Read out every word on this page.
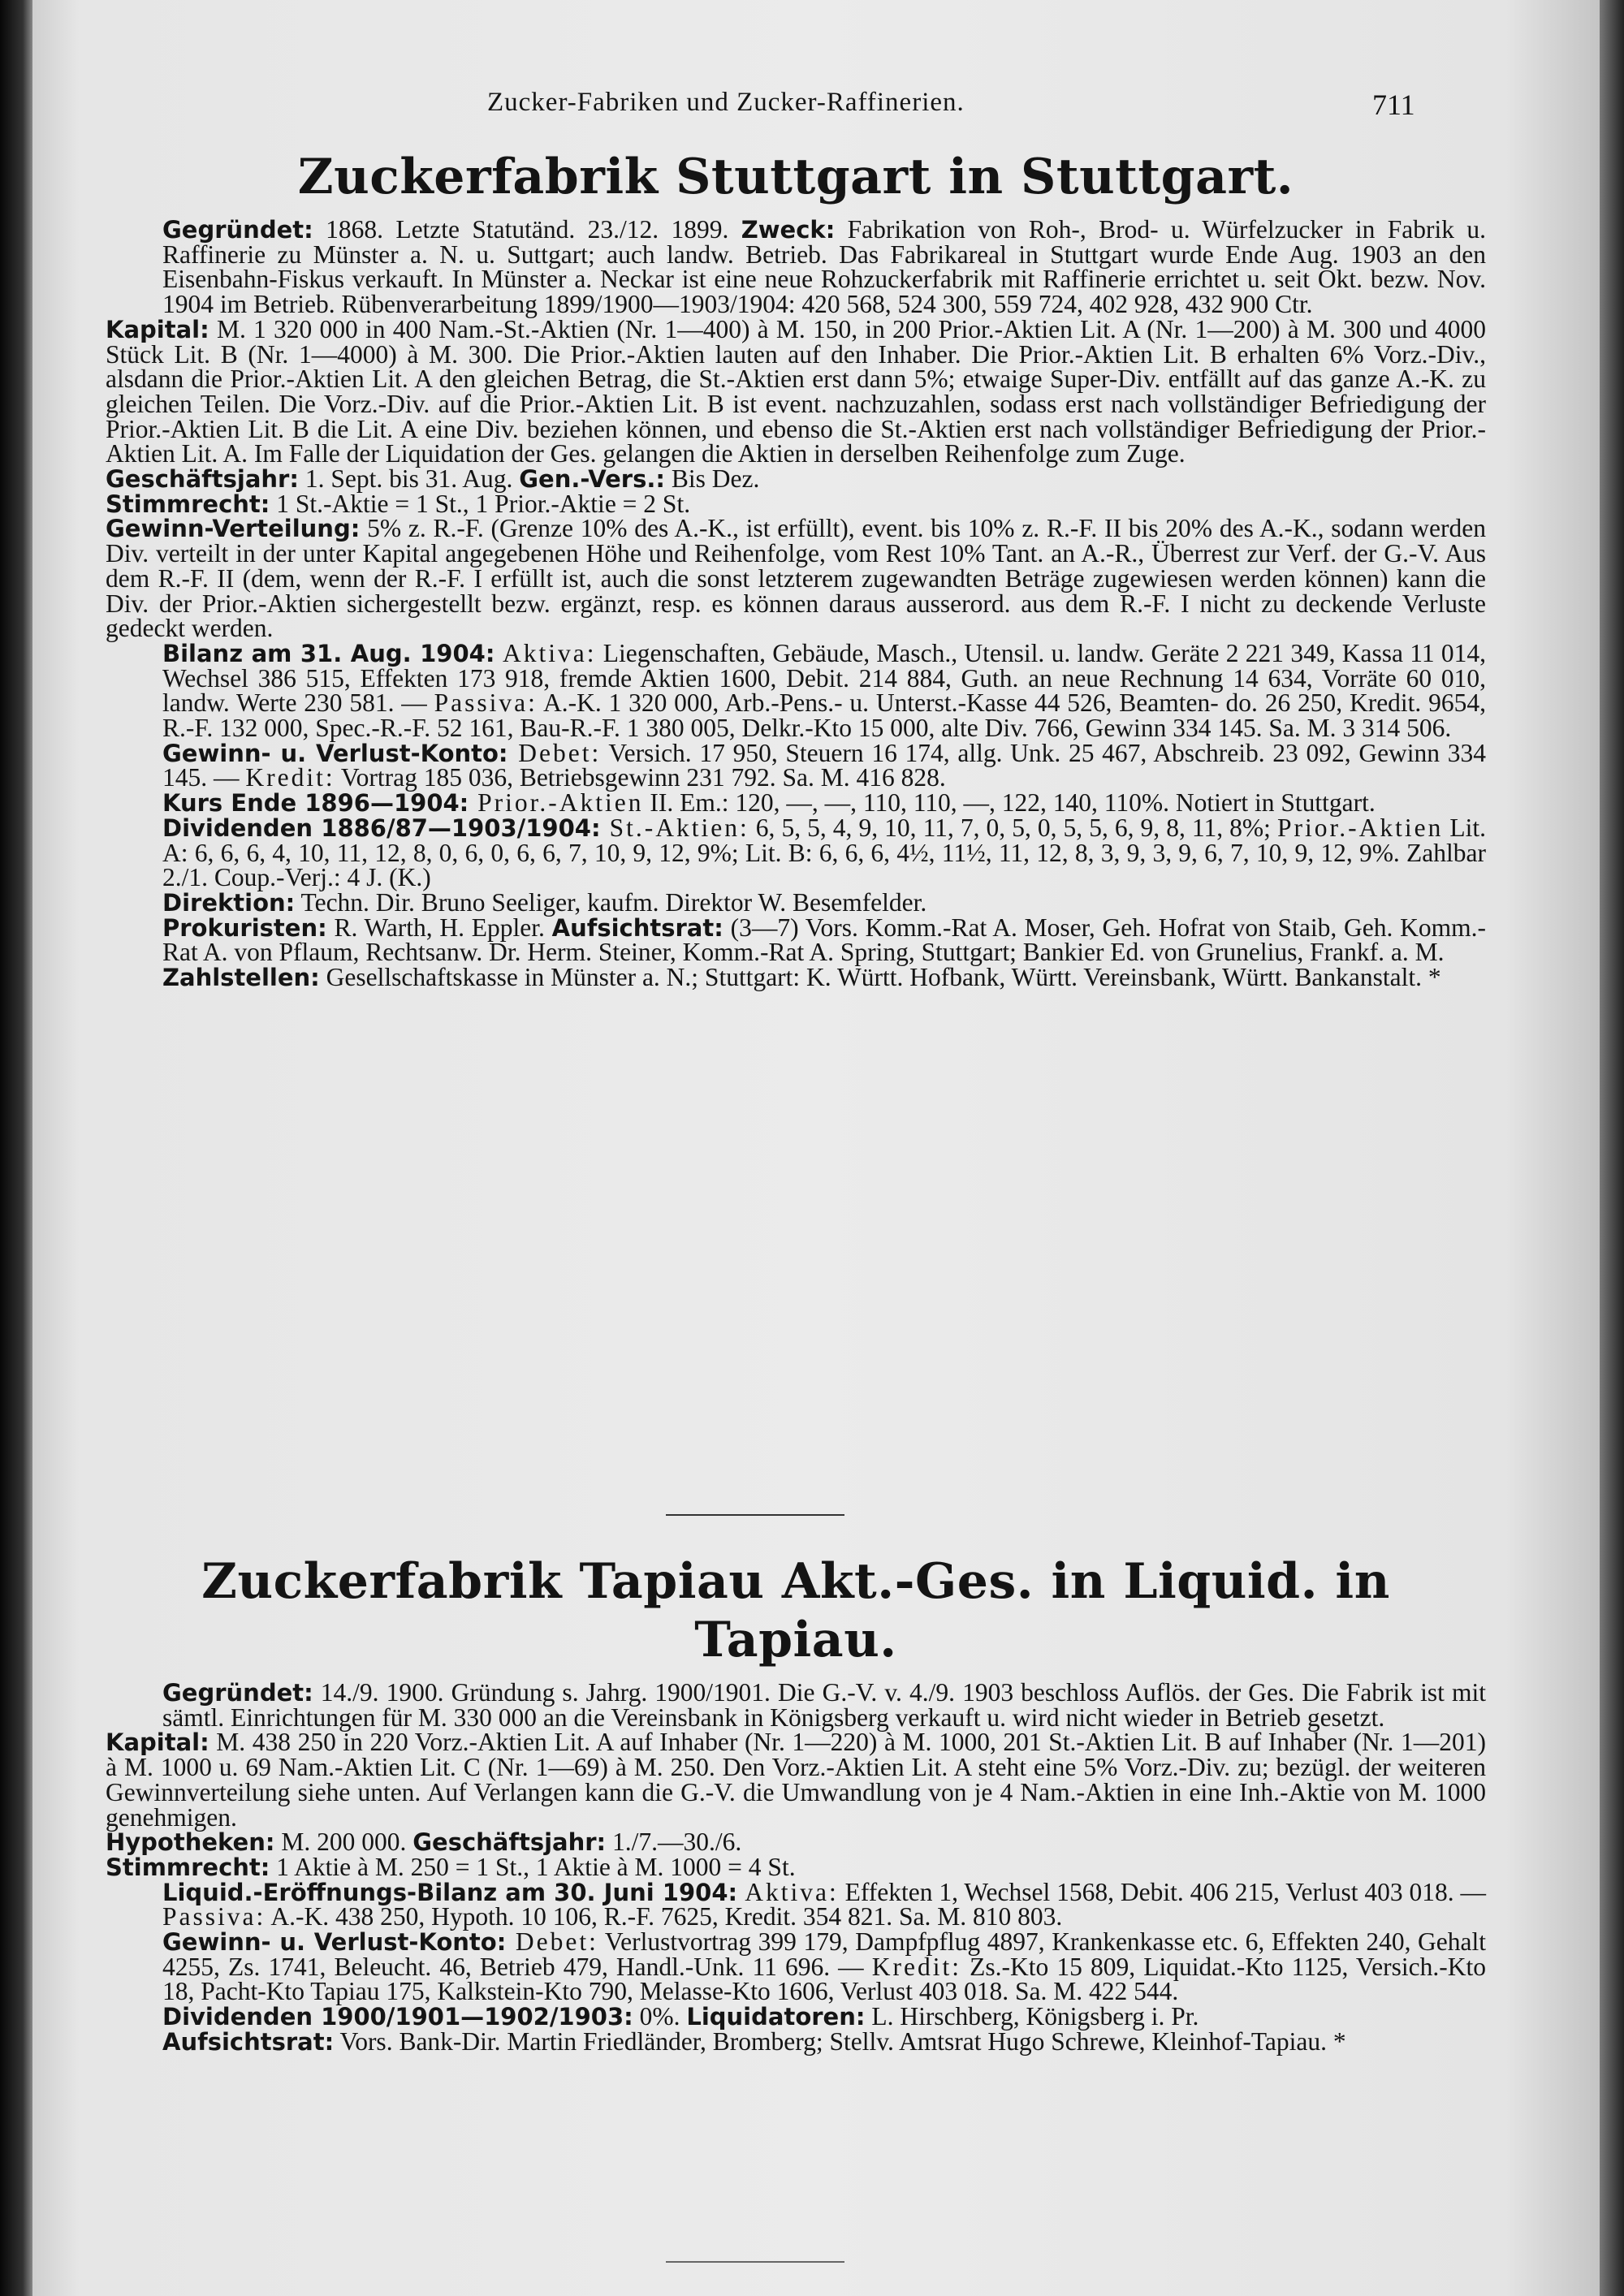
Zucker-Fabriken und Zucker-Raffinerien.	711
Zuckerfabrik Stuttgart in Stuttgart.

Gegründet: 1868. Letzte Statutänd. 23./12. 1899. Zweck: Fabrikation von Roh-, Brod- u. Würfelzucker in Fabrik u. Raffinerie zu Münster a. N. u. Suttgart; auch landw. Betrieb. Das Fabrikareal in Stuttgart wurde Ende Aug. 1903 an den Eisenbahn-Fiskus verkauft. In Münster a. Neckar ist eine neue Rohzuckerfabrik mit Raffinerie errichtet u. seit Okt. bezw. Nov. 1904 im Betrieb. Rübenverarbeitung 1899/1900—1903/1904: 420 568, 524 300, 559 724, 402 928, 432 900 Ctr.

Kapital: M. 1 320 000 in 400 Nam.-St.-Aktien (Nr. 1—400) à M. 150, in 200 Prior.-Aktien Lit. A (Nr. 1—200) à M. 300 und 4000 Stück Lit. B (Nr. 1—4000) à M. 300. Die Prior.-Aktien lauten auf den Inhaber. Die Prior.-Aktien Lit. B erhalten 6% Vorz.-Div., alsdann die Prior.-Aktien Lit. A den gleichen Betrag, die St.-Aktien erst dann 5%; etwaige Super-Div. entfällt auf das ganze A.-K. zu gleichen Teilen. Die Vorz.-Div. auf die Prior.-Aktien Lit. B ist event. nachzuzahlen, sodass erst nach vollständiger Befriedigung der Prior.-Aktien Lit. B die Lit. A eine Div. beziehen können, und ebenso die St.-Aktien erst nach vollständiger Befriedigung der Prior.-Aktien Lit. A. Im Falle der Liquidation der Ges. gelangen die Aktien in derselben Reihenfolge zum Zuge.

Geschäftsjahr: 1. Sept. bis 31. Aug. Gen.-Vers.: Bis Dez.

Stimmrecht: 1 St.-Aktie = 1 St., 1 Prior.-Aktie = 2 St.

Gewinn-Verteilung: 5% z. R.-F. (Grenze 10% des A.-K., ist erfüllt), event. bis 10% z. R.-F. II bis 20% des A.-K., sodann werden Div. verteilt in der unter Kapital angegebenen Höhe und Reihenfolge, vom Rest 10% Tant. an A.-R., Überrest zur Verf. der G.-V. Aus dem R.-F. II (dem, wenn der R.-F. I erfüllt ist, auch die sonst letzterem zugewandten Beträge zugewiesen werden können) kann die Div. der Prior.-Aktien sichergestellt bezw. ergänzt, resp. es können daraus ausserord. aus dem R.-F. I nicht zu deckende Verluste gedeckt werden.

Bilanz am 31. Aug. 1904: Aktiva: Liegenschaften, Gebäude, Masch., Utensil. u. landw. Geräte 2 221 349, Kassa 11 014, Wechsel 386 515, Effekten 173 918, fremde Aktien 1600, Debit. 214 884, Guth. an neue Rechnung 14 634, Vorräte 60 010, landw. Werte 230 581. — Passiva: A.-K. 1 320 000, Arb.-Pens.- u. Unterst.-Kasse 44 526, Beamten- do. 26 250, Kredit. 9654, R.-F. 132 000, Spec.-R.-F. 52 161, Bau-R.-F. 1 380 005, Delkr.-Kto 15 000, alte Div. 766, Gewinn 334 145. Sa. M. 3 314 506.

Gewinn- u. Verlust-Konto: Debet: Versich. 17 950, Steuern 16 174, allg. Unk. 25 467, Abschreib. 23 092, Gewinn 334 145. — Kredit: Vortrag 185 036, Betriebsgewinn 231 792. Sa. M. 416 828.

Kurs Ende 1896—1904: Prior.-Aktien II. Em.: 120, —, —, 110, 110, —, 122, 140, 110%. Notiert in Stuttgart.

Dividenden 1886/87—1903/1904: St.-Aktien: 6, 5, 5, 4, 9, 10, 11, 7, 0, 5, 0, 5, 5, 6, 9, 8, 11, 8%; Prior.-Aktien Lit. A: 6, 6, 6, 4, 10, 11, 12, 8, 0, 6, 0, 6, 6, 7, 10, 9, 12, 9%; Lit. B: 6, 6, 6, 4½, 11½, 11, 12, 8, 3, 9, 3, 9, 6, 7, 10, 9, 12, 9%. Zahlbar 2./1. Coup.-Verj.: 4 J. (K.)

Direktion: Techn. Dir. Bruno Seeliger, kaufm. Direktor W. Besemfelder.

Prokuristen: R. Warth, H. Eppler. Aufsichtsrat: (3—7) Vors. Komm.-Rat A. Moser, Geh. Hofrat von Staib, Geh. Komm.-Rat A. von Pflaum, Rechtsanw. Dr. Herm. Steiner, Komm.-Rat A. Spring, Stuttgart; Bankier Ed. von Grunelius, Frankf. a. M.

Zahlstellen: Gesellschaftskasse in Münster a. N.; Stuttgart: K. Württ. Hofbank, Württ. Vereinsbank, Württ. Bankanstalt. *

Zuckerfabrik Tapiau Akt.-Ges. in Liquid. in Tapiau.

Gegründet: 14./9. 1900. Gründung s. Jahrg. 1900/1901. Die G.-V. v. 4./9. 1903 beschloss Auflös. der Ges. Die Fabrik ist mit sämtl. Einrichtungen für M. 330 000 an die Vereinsbank in Königsberg verkauft u. wird nicht wieder in Betrieb gesetzt.

Kapital: M. 438 250 in 220 Vorz.-Aktien Lit. A auf Inhaber (Nr. 1—220) à M. 1000, 201 St.-Aktien Lit. B auf Inhaber (Nr. 1—201) à M. 1000 u. 69 Nam.-Aktien Lit. C (Nr. 1—69) à M. 250. Den Vorz.-Aktien Lit. A steht eine 5% Vorz.-Div. zu; bezügl. der weiteren Gewinnverteilung siehe unten. Auf Verlangen kann die G.-V. die Umwandlung von je 4 Nam.-Aktien in eine Inh.-Aktie von M. 1000 genehmigen.

Hypotheken: M. 200 000. Geschäftsjahr: 1./7.—30./6.

Stimmrecht: 1 Aktie à M. 250 = 1 St., 1 Aktie à M. 1000 = 4 St.

Liquid.-Eröffnungs-Bilanz am 30. Juni 1904: Aktiva: Effekten 1, Wechsel 1568, Debit. 406 215, Verlust 403 018. — Passiva: A.-K. 438 250, Hypoth. 10 106, R.-F. 7625, Kredit. 354 821. Sa. M. 810 803.

Gewinn- u. Verlust-Konto: Debet: Verlustvortrag 399 179, Dampfpflug 4897, Krankenkasse etc. 6, Effekten 240, Gehalt 4255, Zs. 1741, Beleucht. 46, Betrieb 479, Handl.-Unk. 11 696. — Kredit: Zs.-Kto 15 809, Liquidat.-Kto 1125, Versich.-Kto 18, Pacht-Kto Tapiau 175, Kalkstein-Kto 790, Melasse-Kto 1606, Verlust 403 018. Sa. M. 422 544.

Dividenden 1900/1901—1902/1903: 0%. Liquidatoren: L. Hirschberg, Königsberg i. Pr.

Aufsichtsrat: Vors. Bank-Dir. Martin Friedländer, Bromberg; Stellv. Amtsrat Hugo Schrewe, Kleinhof-Tapiau. *
